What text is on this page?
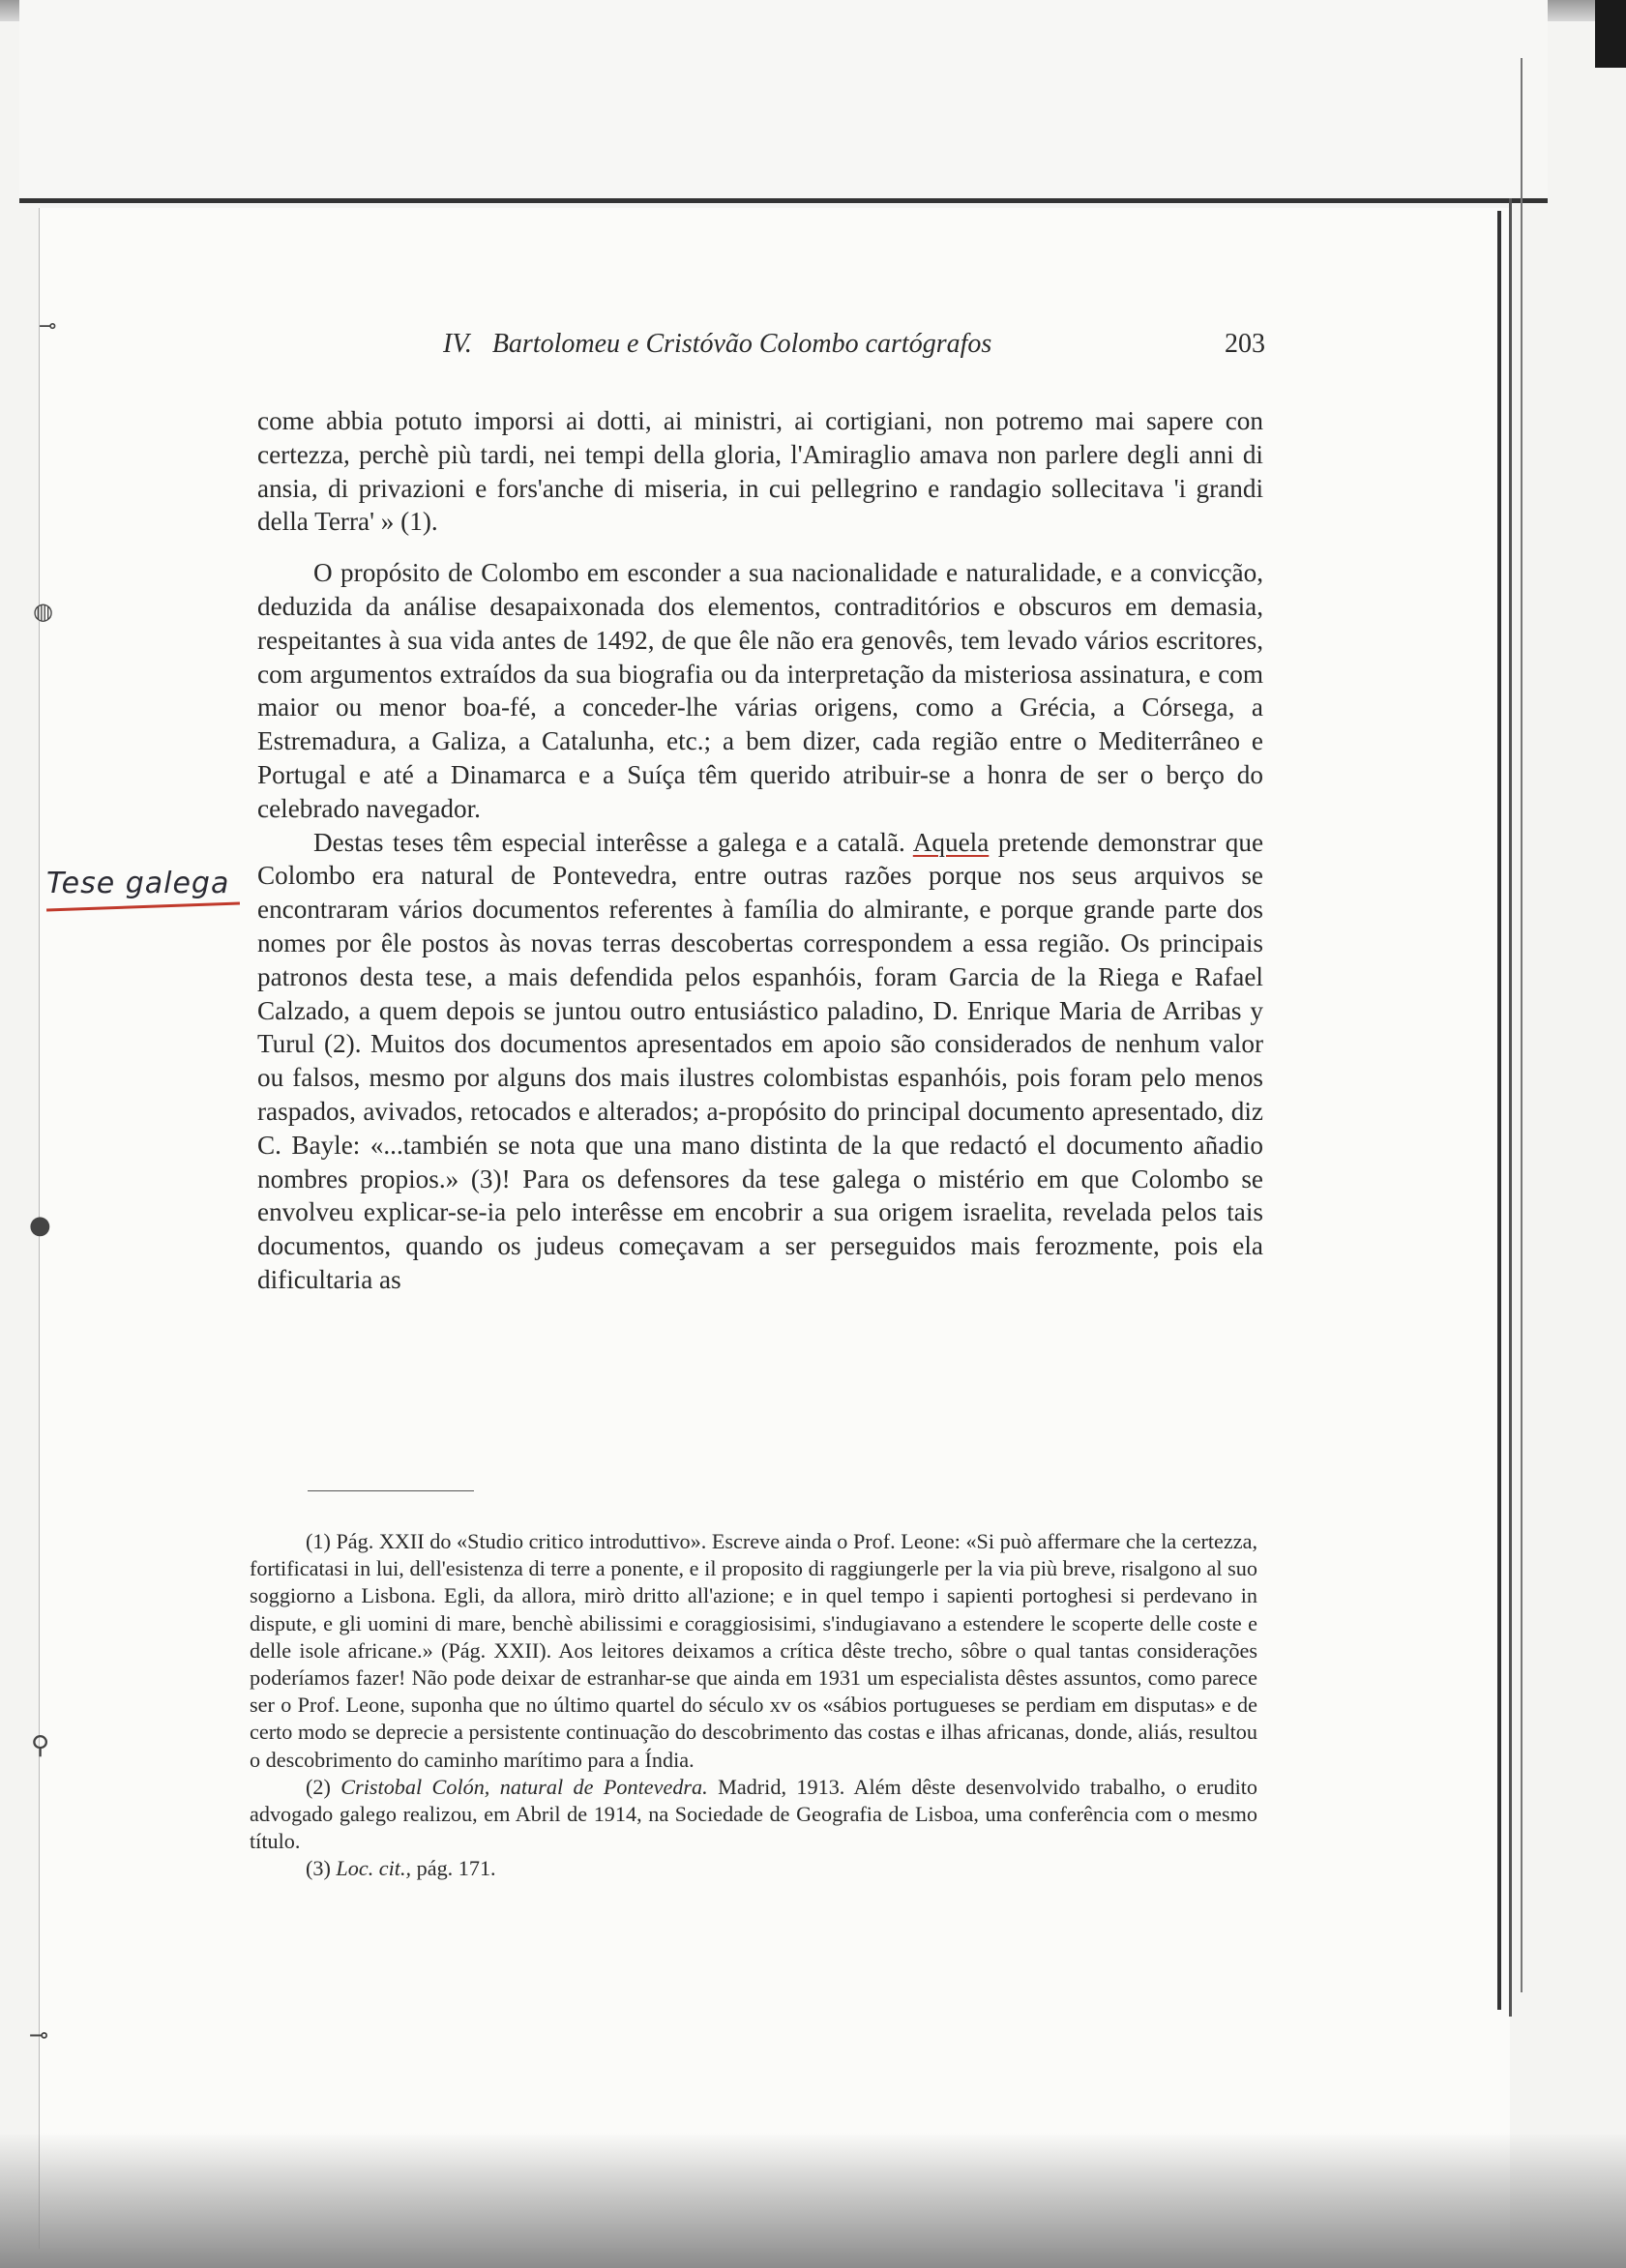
IV. Bartolomeu e Cristóvão Colombo cartógrafos	203

come abbia potuto imporsi ai dotti, ai ministri, ai cortigiani, non potremo mai sapere con certezza, perchè più tardi, nei tempi della gloria, l'Amiraglio amava non parlere degli anni di ansia, di privazioni e fors'anche di miseria, in cui pellegrino e randagio sollecitava 'i grandi della Terra' » (1).

O propósito de Colombo em esconder a sua nacionalidade e naturalidade, e a convicção, deduzida da análise desapaixonada dos elementos, contraditórios e obscuros em demasia, respeitantes à sua vida antes de 1492, de que êle não era genovês, tem levado vários escritores, com argumentos extraídos da sua biografia ou da interpretação da misteriosa assinatura, e com maior ou menor boa-fé, a conceder-lhe várias origens, como a Grécia, a Córsega, a Estremadura, a Galiza, a Catalunha, etc.; a bem dizer, cada região entre o Mediterrâneo e Portugal e até a Dinamarca e a Suíça têm querido atribuir-se a honra de ser o berço do celebrado navegador.

Destas teses têm especial interêsse a galega e a catalã. Aquela pretende demonstrar que Colombo era natural de Pontevedra, entre outras razões porque nos seus arquivos se encontraram vários documentos referentes à família do almirante, e porque grande parte dos nomes por êle postos às novas terras descobertas correspondem a essa região. Os principais patronos desta tese, a mais defendida pelos espanhóis, foram Garcia de la Riega e Rafael Calzado, a quem depois se juntou outro entusiástico paladino, D. Enrique Maria de Arribas y Turul (2). Muitos dos documentos apresentados em apoio são considerados de nenhum valor ou falsos, mesmo por alguns dos mais ilustres colombistas espanhóis, pois foram pelo menos raspados, avivados, retocados e alterados; a-propósito do principal documento apresentado, diz C. Bayle: «...también se nota que una mano distinta de la que redactó el documento añadio nombres propios.» (3)! Para os defensores da tese galega o mistério em que Colombo se envolveu explicar-se-ia pelo interêsse em encobrir a sua origem israelita, revelada pelos tais documentos, quando os judeus começavam a ser perseguidos mais ferozmente, pois ela dificultaria as

Tese galega
⊸
◍
●
⚲
⊸

(1) Pág. XXII do «Studio critico introduttivo». Escreve ainda o Prof. Leone: «Si può affermare che la certezza, fortificatasi in lui, dell'esistenza di terre a ponente, e il proposito di raggiungerle per la via più breve, risalgono al suo soggiorno a Lisbona. Egli, da allora, mirò dritto all'azione; e in quel tempo i sapienti portoghesi si perdevano in dispute, e gli uomini di mare, benchè abilissimi e coraggiosisimi, s'indugiavano a estendere le scoperte delle coste e delle isole africane.» (Pág. XXII). Aos leitores deixamos a crítica dêste trecho, sôbre o qual tantas considerações poderíamos fazer! Não pode deixar de estranhar-se que ainda em 1931 um especialista dêstes assuntos, como parece ser o Prof. Leone, suponha que no último quartel do século xv os «sábios portugueses se perdiam em disputas» e de certo modo se deprecie a persistente continuação do descobrimento das costas e ilhas africanas, donde, aliás, resultou o descobrimento do caminho marítimo para a Índia.

(2) Cristobal Colón, natural de Pontevedra. Madrid, 1913. Além dêste desenvolvido trabalho, o erudito advogado galego realizou, em Abril de 1914, na Sociedade de Geografia de Lisboa, uma conferência com o mesmo título.

(3) Loc. cit., pág. 171.
